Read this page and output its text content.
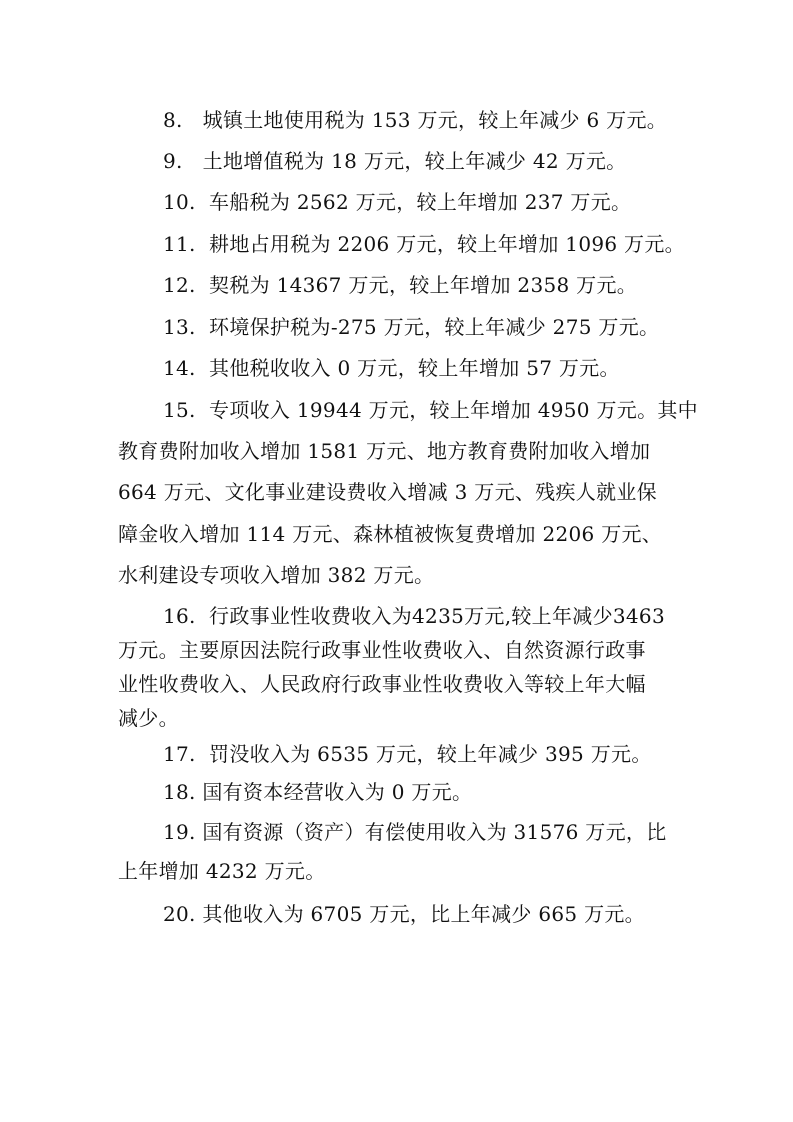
8.   城镇土地使用税为 153 万元，较上年减少 6 万元。
9.   土地增值税为 18 万元，较上年减少 42 万元。
10.  车船税为 2562 万元，较上年增加 237 万元。
11.  耕地占用税为 2206 万元，较上年增加 1096 万元。
12.  契税为 14367 万元，较上年增加 2358 万元。
13.  环境保护税为-275 万元，较上年减少 275 万元。
14.  其他税收收入 0 万元，较上年增加 57 万元。
15.  专项收入 19944 万元，较上年增加 4950 万元。其中
教育费附加收入增加 1581 万元、地方教育费附加收入增加
664 万元、文化事业建设费收入增减 3 万元、残疾人就业保
障金收入增加 114 万元、森林植被恢复费增加 2206 万元、
水利建设专项收入增加 382 万元。
16.  行政事业性收费收入为4235万元,较上年减少3463
万元。主要原因法院行政事业性收费收入、自然资源行政事
业性收费收入、人民政府行政事业性收费收入等较上年大幅
减少。
17.  罚没收入为 6535 万元，较上年减少 395 万元。
18. 国有资本经营收入为 0 万元。
19. 国有资源（资产）有偿使用收入为 31576 万元，比
上年增加 4232 万元。
20. 其他收入为 6705 万元，比上年减少 665 万元。
